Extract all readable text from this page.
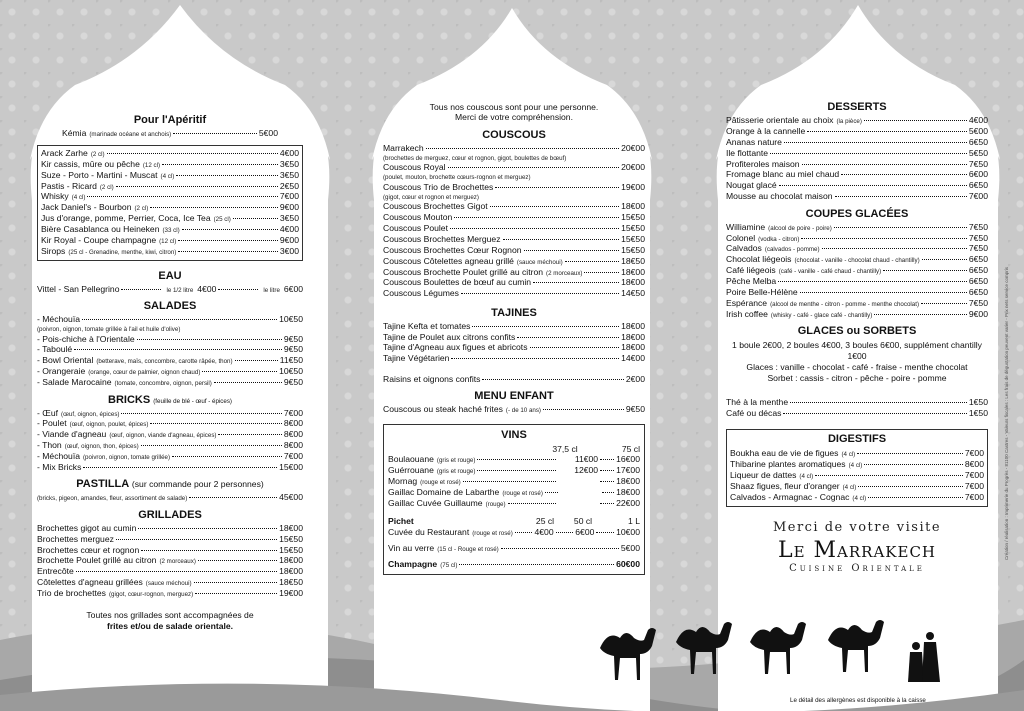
Pour l'Apéritif
Kémia (marinade océane et anchois)	5€00
Arack Zarhe (2 cl)	4€00
Kir cassis, mûre ou pêche (12 cl)	3€50
Suze - Porto - Martini - Muscat (4 cl)	3€50
Pastis - Ricard (2 cl)	2€50
Whisky (4 cl)	7€00
Jack Daniel's - Bourbon (2 cl)	9€00
Jus d'orange, pomme, Perrier, Coca, Ice Tea (25 cl)	3€50
Bière Casablanca ou Heineken (33 cl)	4€00
Kir Royal - Coupe champagne (12 cl)	9€00
Sirops (25 cl - Grenadine, menthe, kiwi, citron)	3€00
EAU
Vittel - San Pellegrino	le 1/2 litre 4€00	le litre 6€00
SALADES
- Méchouïa	10€50
(poivron, oignon, tomate grillée à l'ail et huile d'olive)
- Pois-chiche à l'Orientale	9€50
- Taboulé	9€50
- Bowl Oriental (betterave, maïs, concombre, carotte râpée, thon)	11€50
- Orangeraie (orange, cœur de palmier, oignon chaud)	10€50
- Salade Marocaine (tomate, concombre, oignon, persil)	9€50
BRICKS (feuille de blé - œuf - épices)
- Œuf (œuf, oignon, épices)	7€00
- Poulet (œuf, oignon, poulet, épices)	8€00
- Viande d'agneau (œuf, oignon, viande d'agneau, épices)	8€00
- Thon (œuf, oignon, thon, épices)	8€00
- Méchouïa (poivron, oignon, tomate grillée)	7€00
- Mix Bricks	15€00
PASTILLA (sur commande pour 2 personnes)
(bricks, pigeon, amandes, fleur, assortiment de salade)	45€00
GRILLADES
Brochettes gigot au cumin	18€00
Brochettes merguez	15€50
Brochettes cœur et rognon	15€50
Brochette Poulet grillé au citron (2 morceaux)	18€00
Entrecôte	18€00
Côtelettes d'agneau grillées (sauce méchoui)	18€50
Trio de brochettes (gigot, cœur-rognon, merguez)	19€00
Toutes nos grillades sont accompagnées de
frites et/ou de salade orientale.
Tous nos couscous sont pour une personne.
Merci de votre compréhension.
COUSCOUS
Marrakech	20€00
(brochettes de merguez, cœur et rognon, gigot, boulettes de bœuf)
Couscous Royal	20€00
(poulet, mouton, brochette cœurs-rognon et merguez)
Couscous Trio de Brochettes	19€00
(gigot, cœur et rognon et merguez)
Couscous Brochettes Gigot	18€00
Couscous Mouton	15€50
Couscous Poulet	15€50
Couscous Brochettes Merguez	15€50
Couscous Brochettes Cœur Rognon	15€50
Couscous Côtelettes agneau grillé (sauce méchoui)	18€50
Couscous Brochette Poulet grillé au citron (2 morceaux)	18€00
Couscous Boulettes de bœuf au cumin	18€00
Couscous Légumes	14€50
TAJINES
Tajine Kefta et tomates	18€00
Tajine de Poulet aux citrons confits	18€00
Tajine d'Agneau aux figues et abricots	18€00
Tajine Végétarien	14€00
Raisins et oignons confits	2€00
MENU ENFANT
Couscous ou steak haché frites (- de 10 ans)	9€50
VINS
37,5 cl	75 cl
Boulaouane (gris et rouge)	11€00 16€00
Guérrouane (gris et rouge)	12€00 17€00
Mornag (rouge et rosé)	18€00
Gaillac Domaine de Labarthe (rouge et rosé)	18€00
Gaillac Cuvée Guillaume (rouge)	22€00
Pichet	25 cl	50 cl	1 L
Cuvée du Restaurant (rouge et rosé)	4€00	6€00	10€00
Vin au verre (15 cl - Rouge et rosé)	5€00
Champagne (75 cl)	60€00
DESSERTS
Pâtisserie orientale au choix (la pièce)	4€00
Orange à la cannelle	5€00
Ananas nature	6€50
Ile flottante	5€50
Profiteroles maison	7€50
Fromage blanc au miel chaud	6€00
Nougat glacé	6€50
Mousse au chocolat maison	7€00
COUPES GLACÉES
Williamine (alcool de poire - poire)	7€50
Colonel (vodka - citron)	7€50
Calvados (calvados - pomme)	7€50
Chocolat liégeois (chocolat - vanille - chocolat chaud - chantilly)	6€50
Café liégeois (café - vanille - café chaud - chantilly)	6€50
Pêche Melba	6€50
Poire Belle-Hélène	6€50
Espérance (alcool de menthe - citron - pomme - menthe chocolat)	7€50
Irish coffee (whisky - café - glace café - chantilly)	9€00
GLACES ou SORBETS
1 boule 2€00, 2 boules 4€00, 3 boules 6€00, supplément chantilly 1€00
Glaces : vanille - chocolat - café - fraise - menthe chocolat
Sorbet : cassis - citron - pêche - poire - pomme
Thé à la menthe	1€50
Café ou décas	1€50
DIGESTIFS
Boukha eau de vie de figues (4 cl)	7€00
Thibarine plantes aromatiques (4 cl)	8€00
Liqueur de dattes (4 cl)	7€00
Shaaz figues, fleur d'oranger (4 cl)	7€00
Calvados - Armagnac - Cognac (4 cl)	7€00
Merci de votre visite
Le Marrakech
Cuisine Orientale
Le détail des allergènes est disponible à la caisse
Création / réalisation : Imprimerie du Progrès - 81100 Castres - Valeurs fiscales : Les frais de dégustation peuvent varier - Prix nets service compris
